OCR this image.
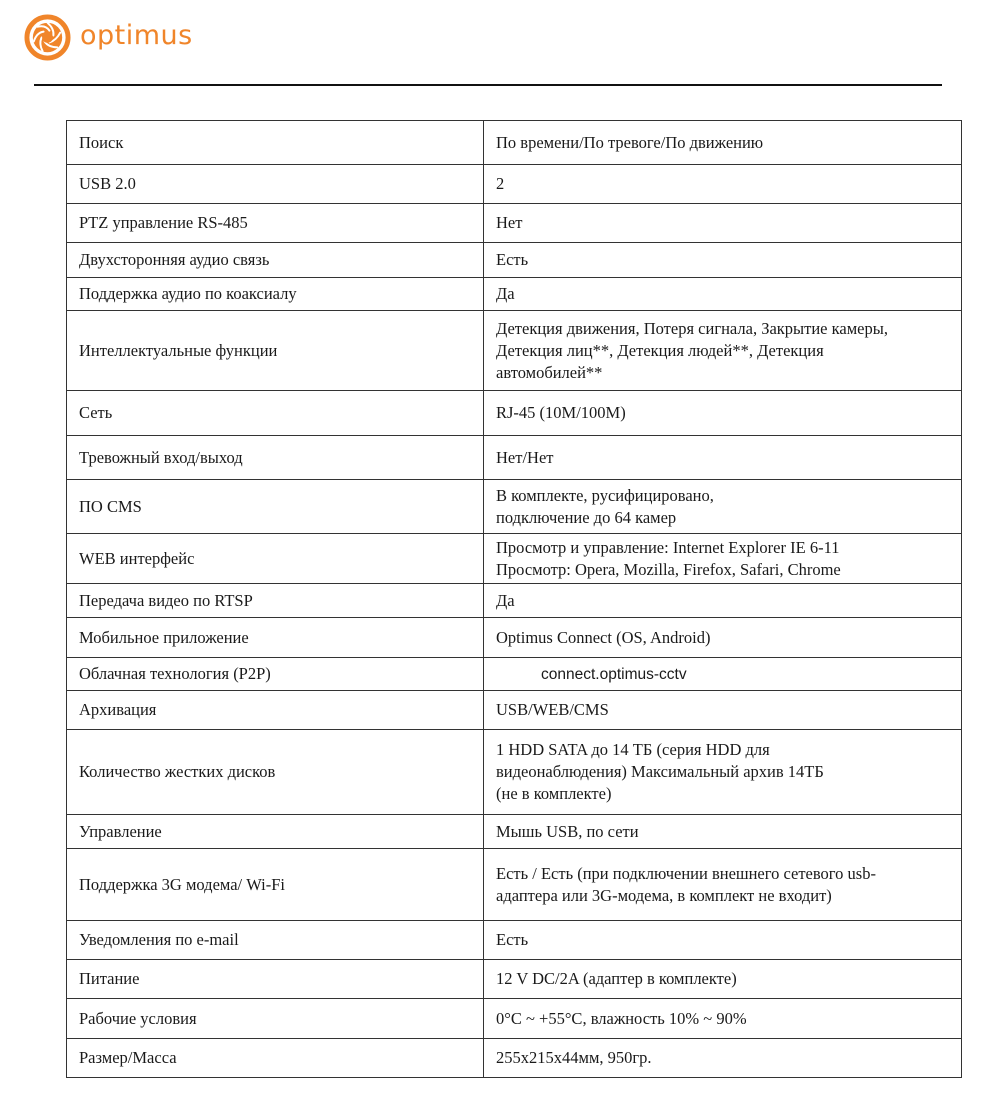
optimus
Поиск	По времени/По тревоге/По движению
USB 2.0	2
PTZ управление RS-485	Нет
Двухсторонняя аудио связь	Есть
Поддержка аудио по коаксиалу	Да
Интеллектуальные функции	Детекция движения, Потеря сигнала, Закрытие камеры,
Детекция лиц**, Детекция людей**, Детекция
автомобилей**
Сеть	RJ-45 (10M/100M)
Тревожный вход/выход	Нет/Нет
ПО CMS	В комплекте, русифицировано,
подключение до 64 камер
WEB интерфейс	Просмотр и управление: Internet Explorer IE 6-11
Просмотр: Opera, Mozilla, Firefox, Safari, Chrome
Передача видео по RTSP	Да
Мобильное приложение	Optimus Connect (OS, Android)
Облачная технология (P2P)	connect.optimus-cctv
Архивация	USB/WEB/CMS
Количество жестких дисков	1 HDD SATA до 14 ТБ (серия HDD для
видеонаблюдения) Максимальный архив 14ТБ
(не в комплекте)
Управление	Мышь USB, по сети
Поддержка 3G модема/ Wi-Fi	Есть / Есть (при подключении внешнего сетевого usb-
адаптера или 3G-модема, в комплект не входит)
Уведомления по e-mail	Есть
Питание	12 V DC/2A (адаптер в комплекте)
Рабочие условия	0°C ~ +55°C, влажность 10% ~ 90%
Размер/Масса	255x215x44мм, 950гр.
